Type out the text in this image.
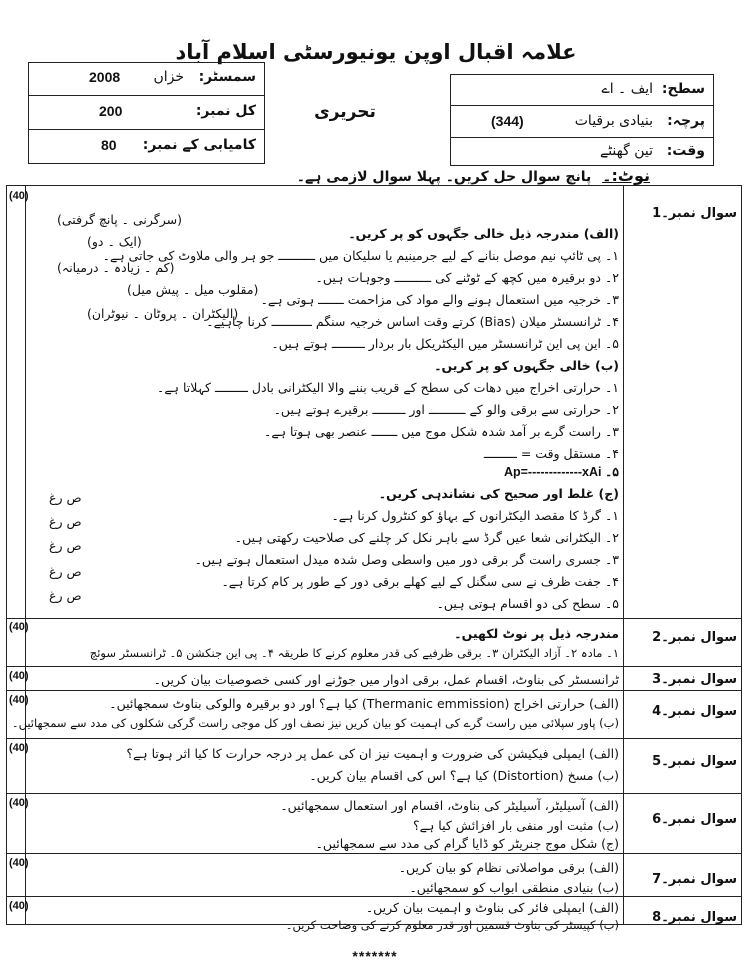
علامہ اقبال اوپن یونیورسٹی اسلام آباد
سمسٹر:
خزاں
2008
کل نمبر:
200
کامیابی کے نمبر:
80
تحریری
سطح:
ایف ۔ اے
پرچہ:
بنیادی برقیات
(344)
وقت:
تین گھنٹے
نوٹ:۔ پانچ سوال حل کریں۔ پہلا سوال لازمی ہے۔
(40)
سوال نمبر۔1
(الف) مندرجہ ذیل خالی جگہوں کو پر کریں۔
۱۔ پی ٹائپ نیم موصل بنانے کے لیے جرمینیم یا سلیکان میں ــــــــــ جو ہر والی ملاوٹ کی جاتی ہے۔
۲۔ دو برقیرہ میں کچھ کے ٹوٹنے کی ــــــــــ وجوہات ہیں۔
۳۔ خرجیہ میں استعمال ہونے والے مواد کی مزاحمت ـــــــ ہوتی ہے۔
۴۔ ٹرانسسٹر میلان (Bias) کرتے وقت اساس خرجیہ سنگم ـــــــــــ کرنا چاہیے۔
۵۔ این پی این ٹرانسسٹر میں الیکٹریکل بار بردار ـــــــــ ہوتے ہیں۔
(ب) خالی جگہوں کو پر کریں۔
۱۔ حرارتی اخراج میں دھات کی سطح کے قریب بننے والا الیکٹرانی بادل ـــــــــ کہلاتا ہے۔
۲۔ حرارتی سے برقی والو کے ــــــــــ اور ـــــــــ برقیرے ہوتے ہیں۔
۳۔ راست گرے بر آمد شدہ شکل موج میں ـــــــ عنصر بھی ہوتا ہے۔
۴۔ مستقل وقت = ـــــــــ
۵۔ Ap=-------------xAi
(ج) غلط اور صحیح کی نشاندہی کریں۔
۱۔ گرڈ کا مقصد الیکٹرانوں کے بہاؤ کو کنٹرول کرنا ہے۔
۲۔ الیکٹرانی شعا عیں گرڈ سے باہر نکل کر چلنے کی صلاحیت رکھتی ہیں۔
۳۔ جسری راست گر برقی دور میں واسطی وصل شدہ میدل استعمال ہوتے ہیں۔
۴۔ جفت ظرف نے سی سگنل کے لیے کھلے برقی دور کے طور پر کام کرتا ہے۔
۵۔ سطح کی دو اقسام ہوتی ہیں۔
(سرگرنی ۔ پانچ گرفتی)
(ایک ۔ دو)
(کم ۔ زیادہ ۔ درمیانہ)
(مقلوب میل ۔ پیش میل)
(الیکٹران ۔ پروٹان ۔ نیوٹران)
ص رغ
ص رغ
ص رغ
ص رغ
ص رغ
(40)
سوال نمبر۔2
مندرجہ ذیل پر نوٹ لکھیں۔
۱۔ مادہ ۲۔ آزاد الیکٹران ۳۔ برقی ظرفیے کی قدر معلوم کرنے کا طریقہ ۴۔ پی این جنکشن ۵۔ ٹرانسسٹر سوئچ
(40)	سوال نمبر۔3
ٹرانسسٹر کی بناوٹ، اقسام عمل، برقی ادوار میں جوڑنے اور کسی خصوصیات بیان کریں۔
(40)
سوال نمبر۔4
(الف) حرارتی اخراج (Thermanic emmission) کیا ہے؟ اور دو برقیرہ والوکی بناوٹ سمجھائیں۔
(ب) پاور سپلائی میں راست گرے کی اہمیت کو بیان کریں نیز نصف اور کل موجی راست گرکی شکلوں کی مدد سے سمجھائیں۔
(40)
سوال نمبر۔5
(الف) ایمپلی فیکیشن کی ضرورت و اہمیت نیز ان کی عمل پر درجہ حرارت کا کیا اثر ہوتا ہے؟
(ب) مسخ (Distortion) کیا ہے؟ اس کی اقسام بیان کریں۔
(40)
سوال نمبر۔6
(الف) آسیلیٹر، آسیلیٹر کی بناوٹ، اقسام اور استعمال سمجھائیں۔
(ب) مثبت اور منفی بار افزائش کیا ہے؟
(ج) شکل موج جنریٹر کو ڈایا گرام کی مدد سے سمجھائیں۔
(40)
سوال نمبر۔7
(الف) برقی مواصلاتی نظام کو بیان کریں۔
(ب) بنیادی منطقی ابواب کو سمجھائیں۔
(40)
سوال نمبر۔8
(الف) ایمپلی فائر کی بناوٹ و اہمیت بیان کریں۔
(ب) کپیسٹر کی بناوٹ قسمیں اور قدر معلوم کرنے کی وضاحت کریں۔
*******
